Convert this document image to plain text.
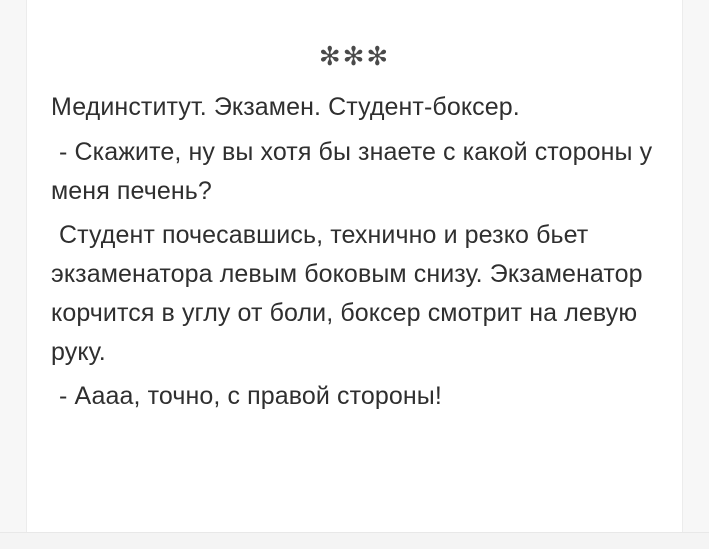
✻✻✻

Мединститут. Экзамен. Студент-боксер.

- Скажите, ну вы хотя бы знаете с какой стороны у меня печень?

Студент почесавшись, технично и резко бьет экзаменатора левым боковым снизу. Экзаменатор корчится в углу от боли, боксер смотрит на левую руку.

- Аааа, точно, с правой стороны!
